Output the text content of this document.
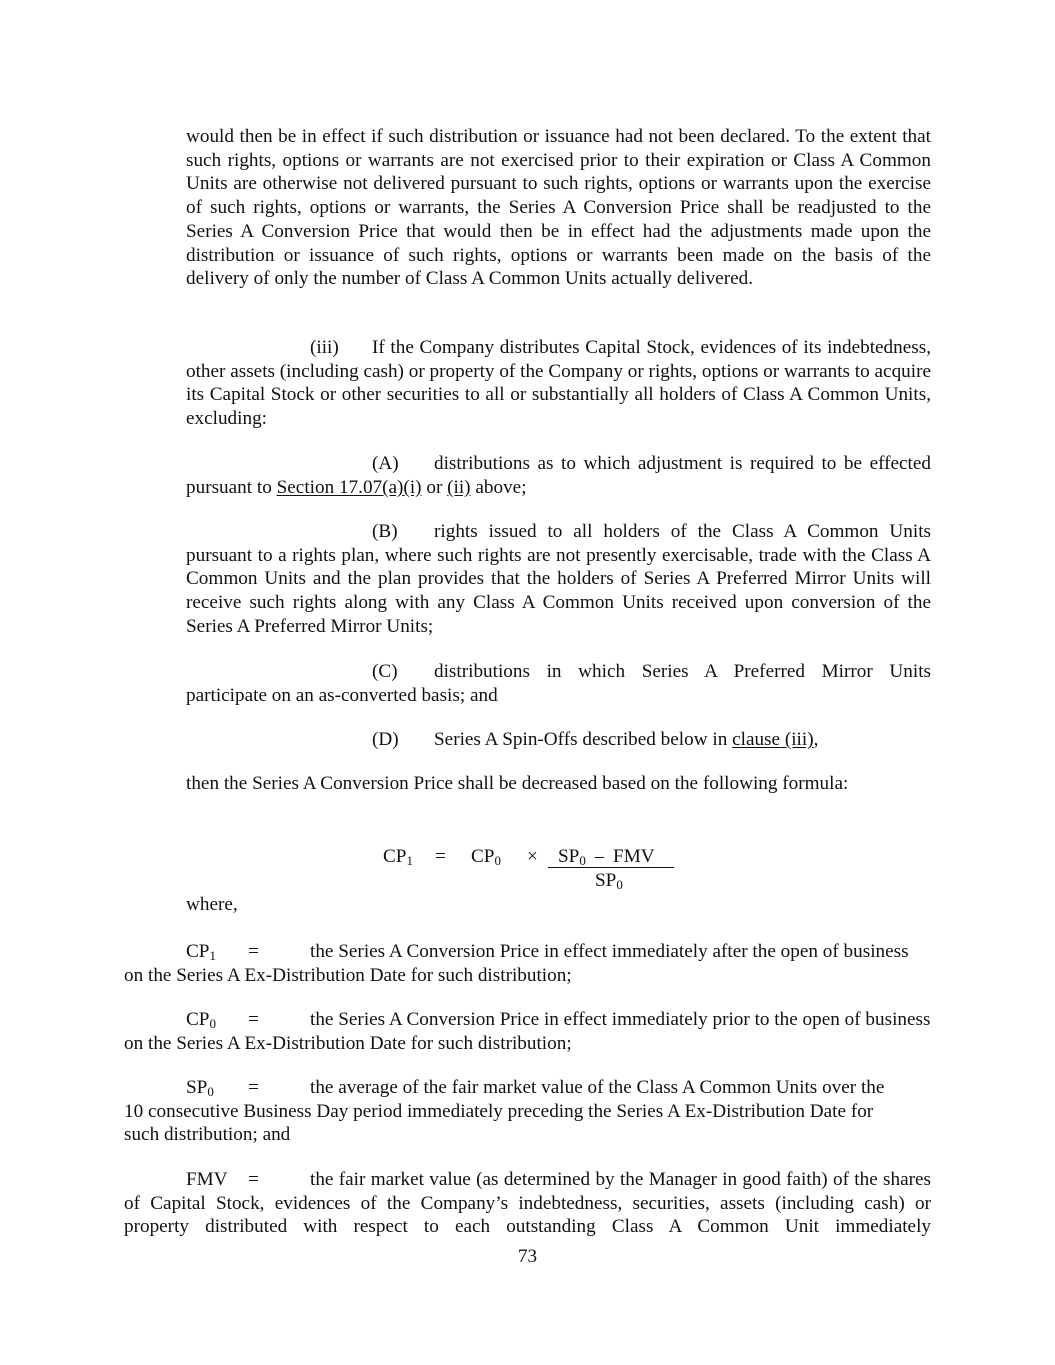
would then be in effect if such distribution or issuance had not been declared. To the extent that such rights, options or warrants are not exercised prior to their expiration or Class A Common Units are otherwise not delivered pursuant to such rights, options or warrants upon the exercise of such rights, options or warrants, the Series A Conversion Price shall be readjusted to the Series A Conversion Price that would then be in effect had the adjustments made upon the distribution or issuance of such rights, options or warrants been made on the basis of the delivery of only the number of Class A Common Units actually delivered.

(iii) If the Company distributes Capital Stock, evidences of its indebtedness, other assets (including cash) or property of the Company or rights, options or warrants to acquire its Capital Stock or other securities to all or substantially all holders of Class A Common Units, excluding:

(A) distributions as to which adjustment is required to be effected pursuant to Section 17.07(a)(i) or (ii) above;

(B) rights issued to all holders of the Class A Common Units pursuant to a rights plan, where such rights are not presently exercisable, trade with the Class A Common Units and the plan provides that the holders of Series A Preferred Mirror Units will receive such rights along with any Class A Common Units received upon conversion of the Series A Preferred Mirror Units;

(C) distributions in which Series A Preferred Mirror Units participate on an as-converted basis; and

(D) Series A Spin-Offs described below in clause (iii),

then the Series A Conversion Price shall be decreased based on the following formula:

$CP_1 = CP_0 \times SP_0$ – FMV
$SP_0$

where,

$CP_1$ =	the Series A Conversion Price in effect immediately after the open of business on the Series A Ex-Distribution Date for such distribution;

$CP_0$ =	the Series A Conversion Price in effect immediately prior to the open of business on the Series A Ex-Distribution Date for such distribution;

$SP_0$ =	the average of the fair market value of the Class A Common Units over the 10 consecutive Business Day period immediately preceding the Series A Ex-Distribution Date for such distribution; and

FMV =	the fair market value (as determined by the Manager in good faith) of the shares of Capital Stock, evidences of the Company’s indebtedness, securities, assets (including cash) or property distributed with respect to each outstanding Class A Common Unit immediately

73
